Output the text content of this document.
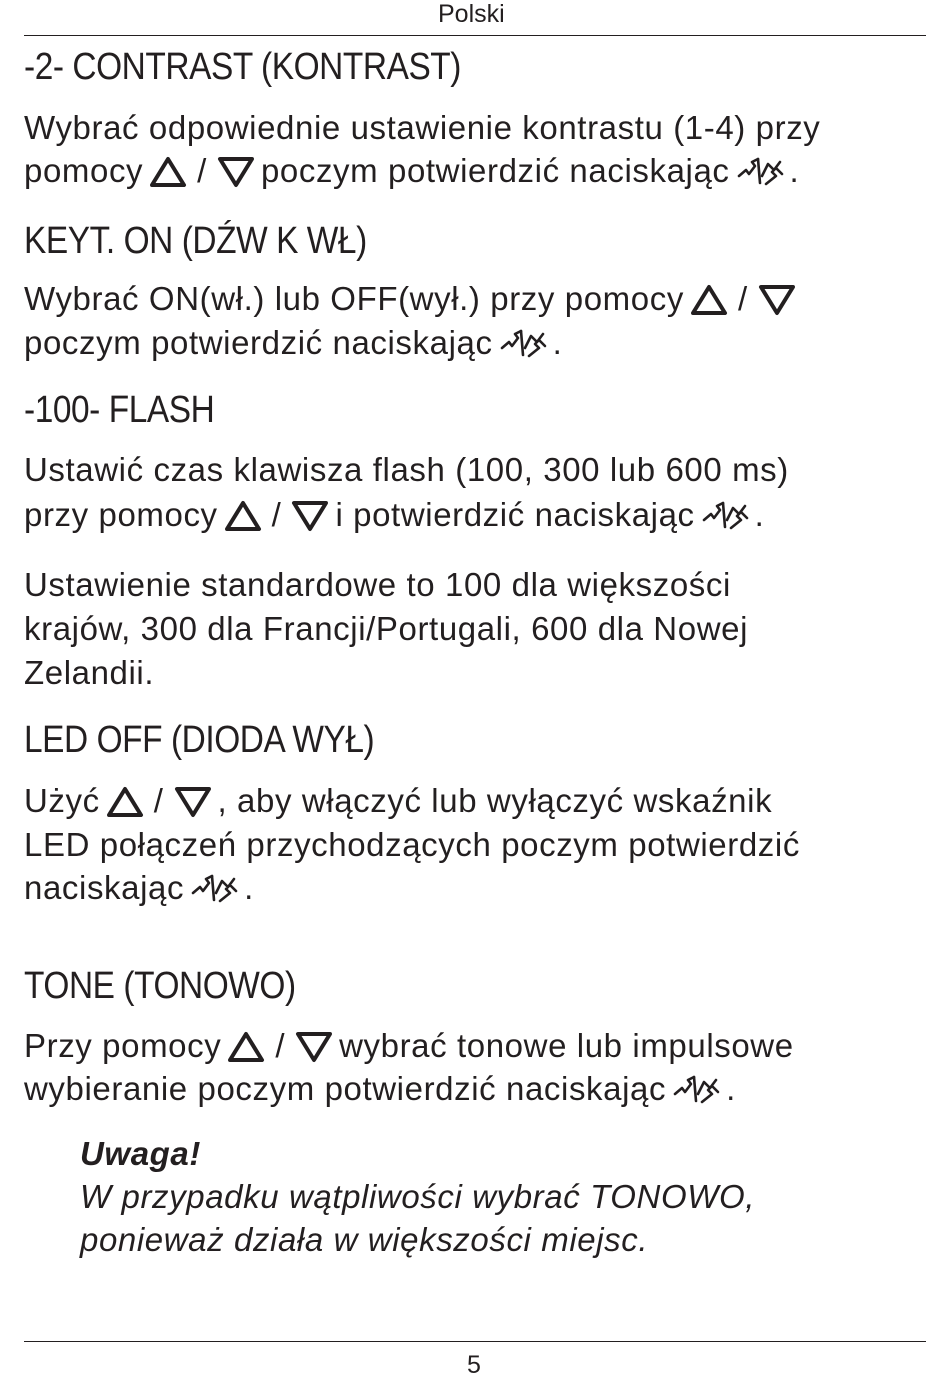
Polski
-2- CONTRAST (KONTRAST)
Wybrać odpowiednie ustawienie kontrastu (1-4) przy
pomocy / poczym potwierdzić naciskając .
KEYT. ON (DŹW K WŁ)
Wybrać ON(wł.) lub OFF(wył.) przy pomocy /
poczym potwierdzić naciskając .
-100- FLASH
Ustawić czas klawisza flash (100, 300 lub 600 ms)
przy pomocy / i potwierdzić naciskając .
Ustawienie standardowe to 100 dla większości
krajów, 300 dla Francji/Portugali, 600 dla Nowej
Zelandii.
LED OFF (DIODA WYŁ)
Użyć / , aby włączyć lub wyłączyć wskaźnik
LED połączeń przychodzących poczym potwierdzić
naciskając .
TONE (TONOWO)
Przy pomocy / wybrać tonowe lub impulsowe
wybieranie poczym potwierdzić naciskając .
Uwaga!
W przypadku wątpliwości wybrać TONOWO,
ponieważ działa w większości miejsc.
5
